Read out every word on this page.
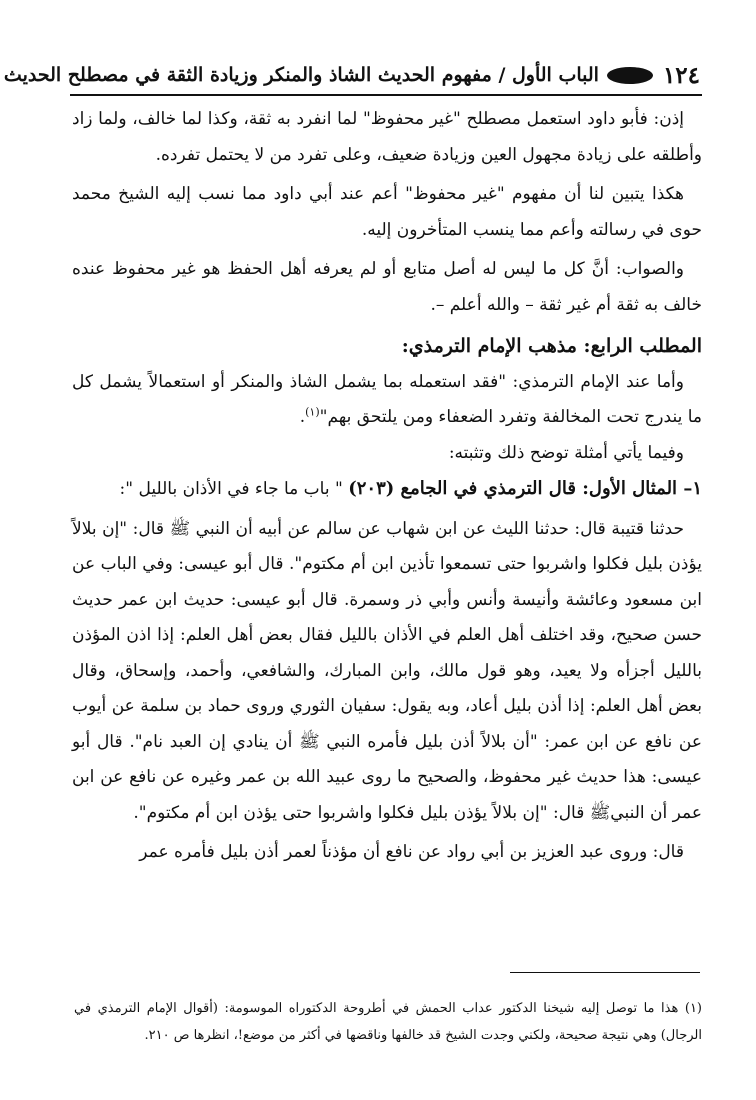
١٢٤
الباب الأول / مفهوم الحديث الشاذ والمنكر وزيادة الثقة في مصطلح الحديث

إذن: فأبو داود استعمل مصطلح "غير محفوظ" لما انفرد به ثقة، وكذا لما خالف، ولما زاد وأطلقه على زيادة مجهول العين وزيادة ضعيف، وعلى تفرد من لا يحتمل تفرده.

هكذا يتبين لنا أن مفهوم "غير محفوظ" أعم عند أبي داود مما نسب إليه الشيخ محمد حوى في رسالته وأعم مما ينسب المتأخرون إليه.

والصواب: أنَّ كل ما ليس له أصل متابع أو لم يعرفه أهل الحفظ هو غير محفوظ عنده خالف به ثقة أم غير ثقة – والله أعلم –.

المطلب الرابع: مذهب الإمام الترمذي:

وأما عند الإمام الترمذي: "فقد استعمله بما يشمل الشاذ والمنكر أو استعمالاً يشمل كل ما يندرج تحت المخالفة وتفرد الضعفاء ومن يلتحق بهم"$^{(١)}$.

وفيما يأتي أمثلة توضح ذلك وتثبته:

١– المثال الأول: قال الترمذي في الجامع (٢٠٣) " باب ما جاء في الأذان بالليل ":

حدثنا قتيبة قال: حدثنا الليث عن ابن شهاب عن سالم عن أبيه أن النبي ﷺ قال: "إن بلالاً يؤذن بليل فكلوا واشربوا حتى تسمعوا تأذين ابن أم مكتوم". قال أبو عيسى: وفي الباب عن ابن مسعود وعائشة وأنيسة وأنس وأبي ذر وسمرة. قال أبو عيسى: حديث ابن عمر حديث حسن صحيح، وقد اختلف أهل العلم في الأذان بالليل فقال بعض أهل العلم: إذا اذن المؤذن بالليل أجزأه ولا يعيد، وهو قول مالك، وابن المبارك، والشافعي، وأحمد، وإسحاق، وقال بعض أهل العلم: إذا أذن بليل أعاد، وبه يقول: سفيان الثوري وروى حماد بن سلمة عن أيوب عن نافع عن ابن عمر: "أن بلالاً أذن بليل فأمره النبي ﷺ أن ينادي إن العبد نام". قال أبو عيسى: هذا حديث غير محفوظ، والصحيح ما روى عبيد الله بن عمر وغيره عن نافع عن ابن عمر أن النبيﷺ قال: "إن بلالاً يؤذن بليل فكلوا واشربوا حتى يؤذن ابن أم مكتوم".

قال: وروى عبد العزيز بن أبي رواد عن نافع أن مؤذناً لعمر أذن بليل فأمره عمر

(١) هذا ما توصل إليه شيخنا الدكتور عداب الحمش في أطروحة الدكتوراه الموسومة: (أقوال الإمام الترمذي في الرجال) وهي نتيجة صحيحة، ولكني وجدت الشيخ قد خالفها وناقضها في أكثر من موضع!، انظرها ص ٢١٠.
